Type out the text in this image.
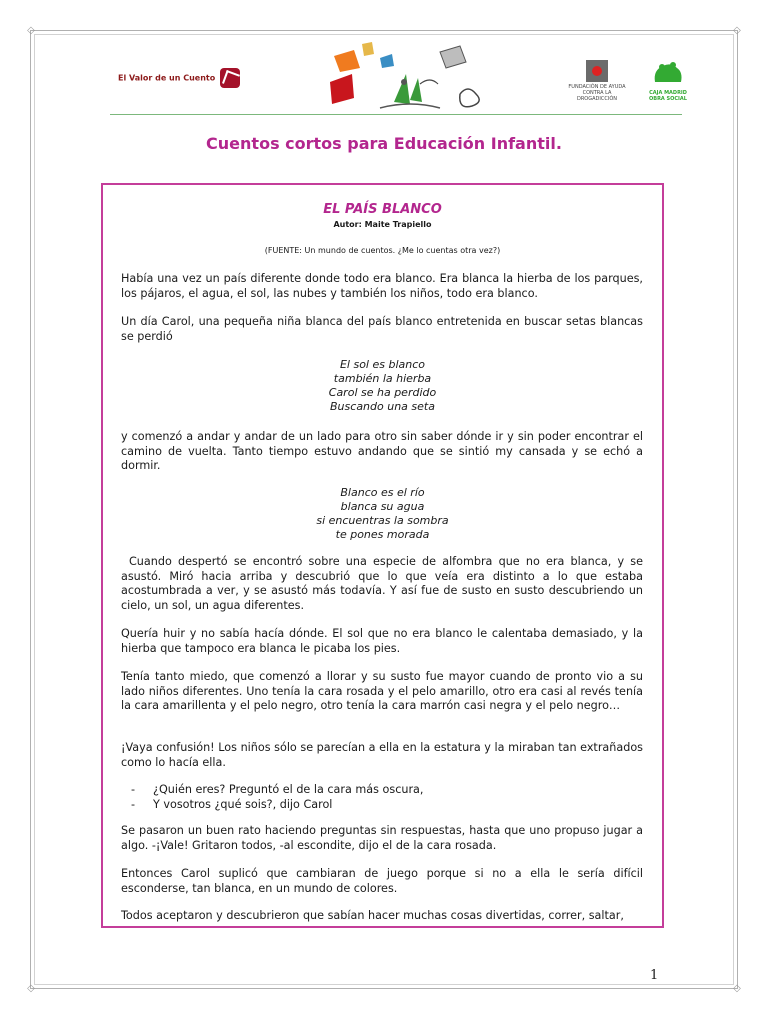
◇	◇
◇	◇
El Valor de un Cuento
FUNDACIÓN DE AYUDA CONTRA LA DROGADICCIÓN
CAJA MADRID OBRA SOCIAL
Cuentos cortos para Educación Infantil.
EL PAÍS BLANCO
Autor: Maite Trapiello
(FUENTE: Un mundo de cuentos. ¿Me lo cuentas otra vez?)

Había una vez un país diferente donde todo era blanco. Era blanca la hierba de los parques, los pájaros, el agua, el sol, las nubes y también los niños, todo era blanco.

Un día Carol, una pequeña niña blanca del país blanco entretenida en buscar setas blancas se perdió

El sol es blanco
también la hierba
Carol se ha perdido
Buscando una seta

y comenzó a andar y andar de un lado para otro sin saber dónde ir y sin poder encontrar el camino de vuelta. Tanto tiempo estuvo andando que se sintió my cansada y se echó a dormir.

Blanco es el río
blanca su agua
si encuentras la sombra
te pones morada

Cuando despertó se encontró sobre una especie de alfombra que no era blanca, y se asustó. Miró hacia arriba y descubrió que lo que veía era distinto a lo que estaba acostumbrada a ver, y se asustó más todavía. Y así fue de susto en susto descubriendo un cielo, un sol, un agua diferentes.

Quería huir y no sabía hacía dónde. El sol que no era blanco le calentaba demasiado, y la hierba que tampoco era blanca le picaba los pies.

Tenía tanto miedo, que comenzó a llorar y su susto fue mayor cuando de pronto vio a su lado niños diferentes. Uno tenía la cara rosada y el pelo amarillo, otro era casi al revés tenía la cara amarillenta y el pelo negro, otro tenía la cara marrón casi negra y el pelo negro…

¡Vaya confusión! Los niños sólo se parecían a ella en la estatura y la miraban tan extrañados como lo hacía ella.

-	¿Quién eres? Preguntó el de la cara más oscura,
-	Y vosotros ¿qué sois?, dijo Carol

Se pasaron un buen rato haciendo preguntas sin respuestas, hasta que uno propuso jugar a algo. -¡Vale! Gritaron todos, -al escondite, dijo el de la cara rosada.

Entonces Carol suplicó que cambiaran de juego porque si no a ella le sería difícil esconderse, tan blanca, en un mundo de colores.

Todos aceptaron y descubrieron que sabían hacer muchas cosas divertidas, correr, saltar,

1
